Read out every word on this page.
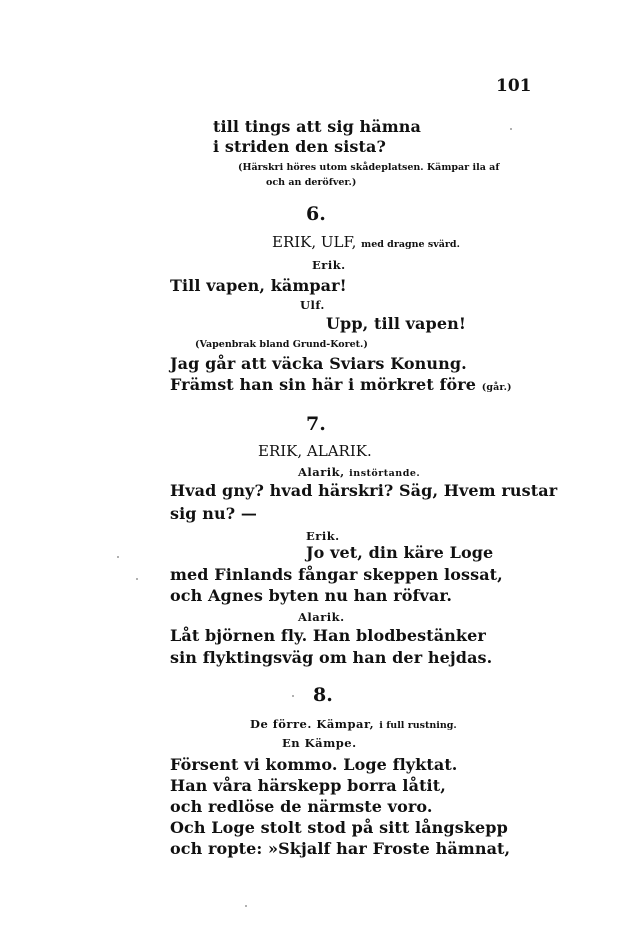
101
till tings att sig hämna
i striden den sista?
(Härskri höres utom skådeplatsen. Kämpar ila af
och an deröfver.)
6.
ERIK, ULF, med dragne svärd.
Erik.
Till vapen, kämpar!
Ulf.
Upp, till vapen!
(Vapenbrak bland Grund-Koret.)
Jag går att väcka Sviars Konung.
Främst han sin här i mörkret före (går.)
7.
ERIK, ALARIK.
Alarik, instörtande.
Hvad gny? hvad härskri? Säg, Hvem rustar
sig nu? —
Erik.
Jo vet, din käre Loge
med Finlands fångar skeppen lossat,
och Agnes byten nu han röfvar.
Alarik.
Låt björnen fly. Han blodbestänker
sin flyktingsväg om han der hejdas.
8.
De förre. Kämpar, i full rustning.
En Kämpe.
Försent vi kommo. Loge flyktat.
Han våra härskepp borra låtit,
och redlöse de närmste voro.
Och Loge stolt stod på sitt långskepp
och ropte: »Skjalf har Froste hämnat,
